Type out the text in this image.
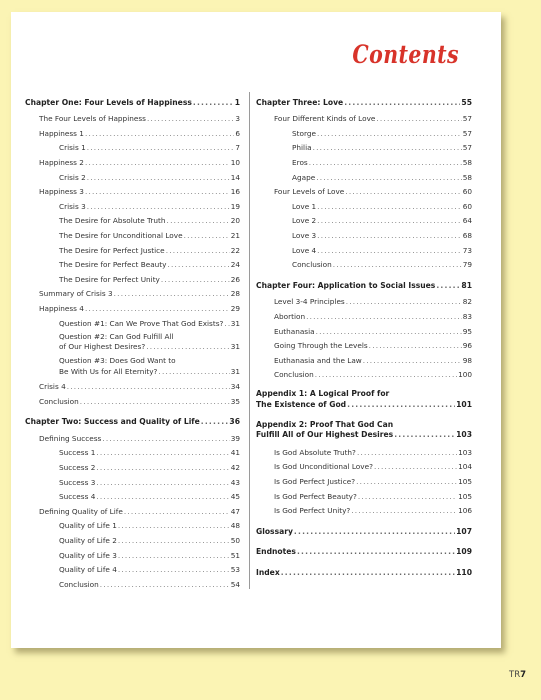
Contents
Chapter One: Four Levels of Happiness .....	1
The Four Levels of Happiness .....	3
Happiness 1 .....	6
Crisis 1 .....	7
Happiness 2 .....	10
Crisis 2 .....	14
Happiness 3 .....	16
Crisis 3 .....	19
The Desire for Absolute Truth .....	20
The Desire for Unconditional Love .....	21
The Desire for Perfect Justice .....	22
The Desire for Perfect Beauty .....	24
The Desire for Perfect Unity .....	26
Summary of Crisis 3 .....	28
Happiness 4 .....	29
Question #1: Can We Prove That God Exists? ..... 31
Question #2: Can God Fulfill All
of Our Highest Desires? .....	31
Question #3: Does God Want to
Be With Us for All Eternity? .....	31
Crisis 4 .....	34
Conclusion .....	35
Chapter Two: Success and Quality of Life .....	36
Defining Success .....	39
Success 1 .....	41
Success 2 .....	42
Success 3 .....	43
Success 4 .....	45
Defining Quality of Life .....	47
Quality of Life 1 .....	48
Quality of Life 2 .....	50
Quality of Life 3 .....	51
Quality of Life 4 .....	53
Conclusion .....	54
Chapter Three: Love .....	55
Four Different Kinds of Love .....	57
Storge .....	57
Philia .....	57
Eros .....	58
Agape .....	58
Four Levels of Love .....	60
Love 1 .....	60
Love 2 .....	64
Love 3 .....	68
Love 4 .....	73
Conclusion .....	79
Chapter Four: Application to Social Issues .....	81
Level 3-4 Principles .....	82
Abortion .....	83
Euthanasia .....	95
Going Through the Levels .....	96
Euthanasia and the Law .....	98
Conclusion .....	100
Appendix 1: A Logical Proof for
The Existence of God .....	101
Appendix 2: Proof That God Can
Fulfill All of Our Highest Desires .....	103
Is God Absolute Truth? .....	103
Is God Unconditional Love? .....	104
Is God Perfect Justice? .....	105
Is God Perfect Beauty? .....	105
Is God Perfect Unity? .....	106
Glossary .....	107
Endnotes .....	109
Index .....	110
TR7
